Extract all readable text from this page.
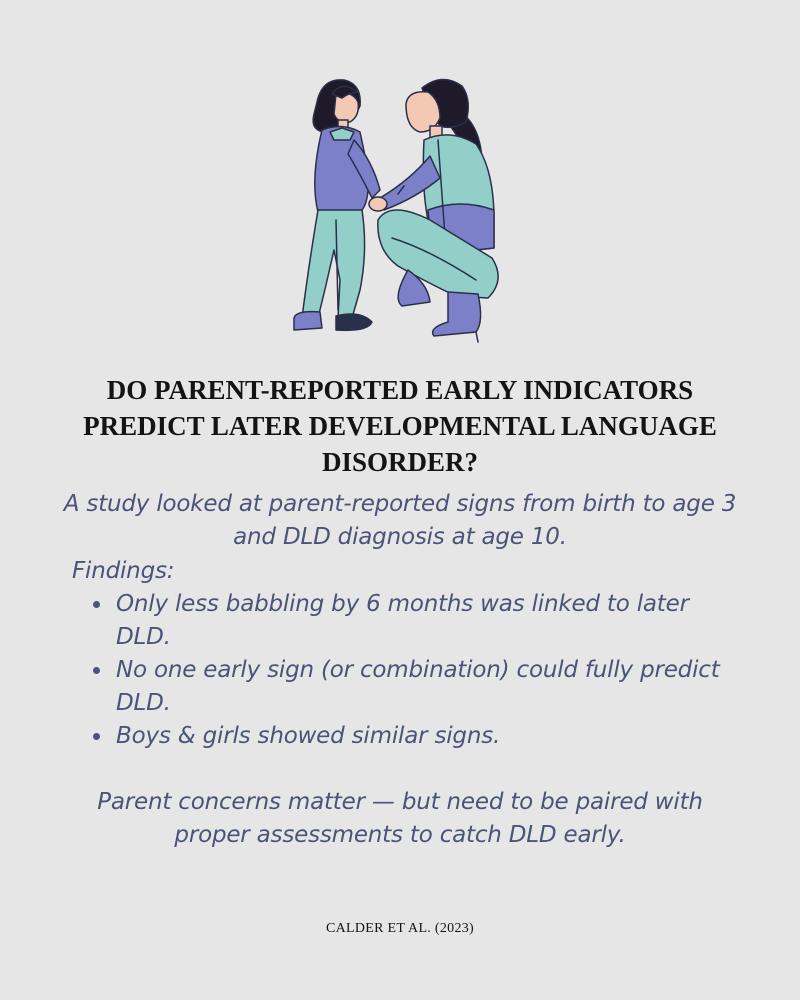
DO PARENT-REPORTED EARLY INDICATORS PREDICT LATER DEVELOPMENTAL LANGUAGE DISORDER?

A study looked at parent-reported signs from birth to age 3 and DLD diagnosis at age 10.

Findings:

Only less babbling by 6 months was linked to later DLD.
No one early sign (or combination) could fully predict DLD.
Boys & girls showed similar signs.

Parent concerns matter — but need to be paired with proper assessments to catch DLD early.

CALDER ET AL. (2023)
